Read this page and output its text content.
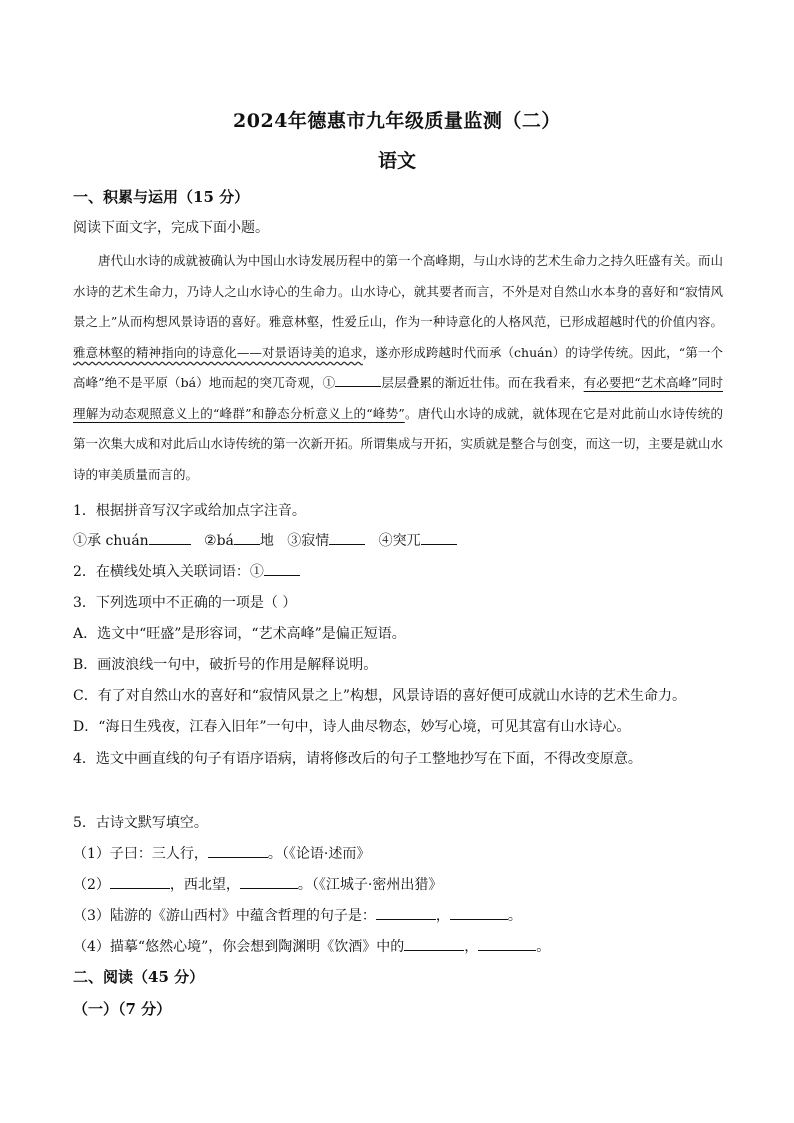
2024年德惠市九年级质量监测（二）
语文
一、积累与运用（15 分）
阅读下面文字，完成下面小题。
唐代山水诗的成就被确认为中国山水诗发展历程中的第一个高峰期，与山水诗的艺术生命力之持久旺盛有关。而山水诗的艺术生命力，乃诗人之山水诗心的生命力。山水诗心，就其要者而言，不外是对自然山水本身的喜好和“寂情风景之上”从而构想风景诗语的喜好。雅意林壑，性爱丘山，作为一种诗意化的人格风范，已形成超越时代的价值内容。雅意林壑的精神指向的诗意化——对景语诗美的追求，遂亦形成跨越时代而承（chuán）的诗学传统。因此，“第一个高峰”绝不是平原（bá）地而起的突兀奇观，①	层层叠累的渐近壮伟。而在我看来，有必要把“艺术高峰”同时理解为动态观照意义上的“峰群”和静态分析意义上的“峰势”。唐代山水诗的成就，就体现在它是对此前山水诗传统的第一次集大成和对此后山水诗传统的第一次新开拓。所谓集成与开拓，实质就是整合与创变，而这一切，主要是就山水诗的审美质量而言的。
1．根据拼音写汉字或给加点字注音。
①承 chuán	②bá 地 ③寂情	④突兀
2．在横线处填入关联词语：①
3．下列选项中不正确的一项是（ ）
A．选文中“旺盛”是形容词，“艺术高峰”是偏正短语。
B．画波浪线一句中，破折号的作用是解释说明。
C．有了对自然山水的喜好和“寂情风景之上”构想，风景诗语的喜好便可成就山水诗的艺术生命力。
D．“海日生残夜，江春入旧年”一句中，诗人曲尽物态，妙写心境，可见其富有山水诗心。
4．选文中画直线的句子有语序语病，请将修改后的句子工整地抄写在下面，不得改变原意。
5．古诗文默写填空。
（1）子曰：三人行，	。（《论语·述而》
（2）	，西北望，	。（《江城子·密州出猎》
（3）陆游的《游山西村》中蕴含哲理的句子是：	，	。
（4）描摹“悠然心境”，你会想到陶渊明《饮酒》中的	，	。
二、阅读（45 分）
（一）（7 分）
